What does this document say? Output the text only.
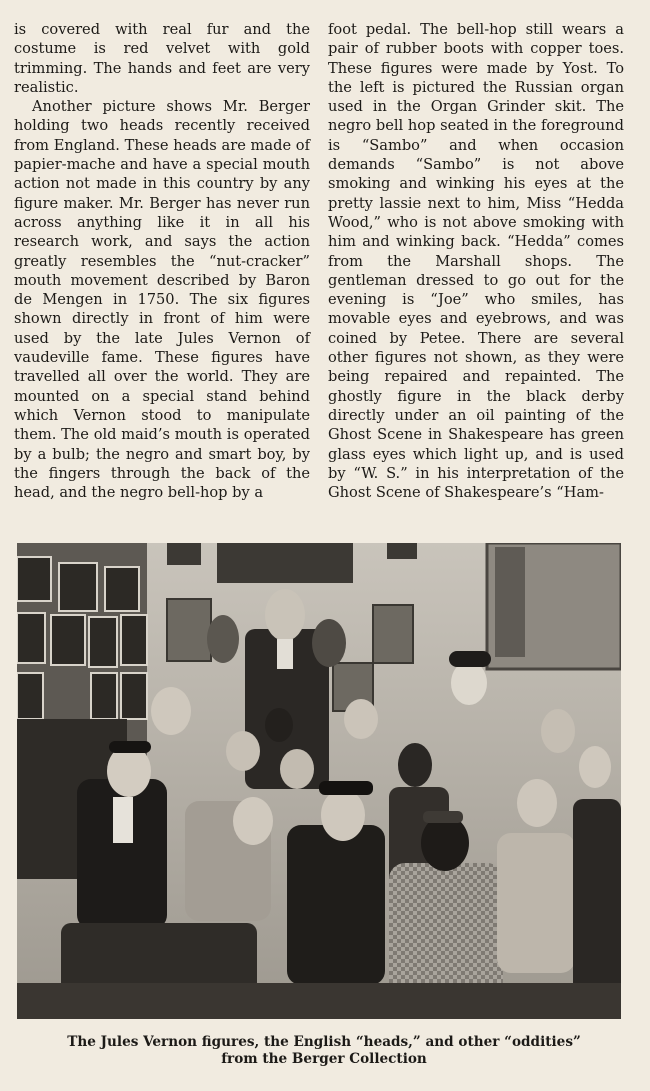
is covered with real fur and the costume is red velvet with gold trimming. The hands and feet are very realistic.

Another picture shows Mr. Berger holding two heads recently received from England. These heads are made of papier-mache and have a special mouth action not made in this country by any figure maker. Mr. Berger has never run across anything like it in all his research work, and says the action greatly resembles the “nut-cracker” mouth movement described by Baron de Mengen in 1750. The six figures shown directly in front of him were used by the late Jules Vernon of vaudeville fame. These figures have travelled all over the world. They are mounted on a special stand behind which Vernon stood to manipulate them. The old maid’s mouth is operated by a bulb; the negro and smart boy, by the fingers through the back of the head, and the negro bell-hop by a

foot pedal. The bell-hop still wears a pair of rubber boots with copper toes. These figures were made by Yost. To the left is pictured the Russian organ used in the Organ Grinder skit. The negro bell hop seated in the foreground is “Sambo” and when occasion demands “Sambo” is not above smoking and winking his eyes at the pretty lassie next to him, Miss “Hedda Wood,” who is not above smoking with him and winking back. “Hedda” comes from the Marshall shops. The gentleman dressed to go out for the evening is “Joe” who smiles, has movable eyes and eyebrows, and was coined by Petee. There are several other figures not shown, as they were being repaired and repainted. The ghostly figure in the black derby directly under an oil painting of the Ghost Scene in Shakespeare has green glass eyes which light up, and is used by “W. S.” in his interpretation of the Ghost Scene of Shakespeare’s “Ham-

The Jules Vernon figures, the English “heads,” and other “oddities”
from the Berger Collection
